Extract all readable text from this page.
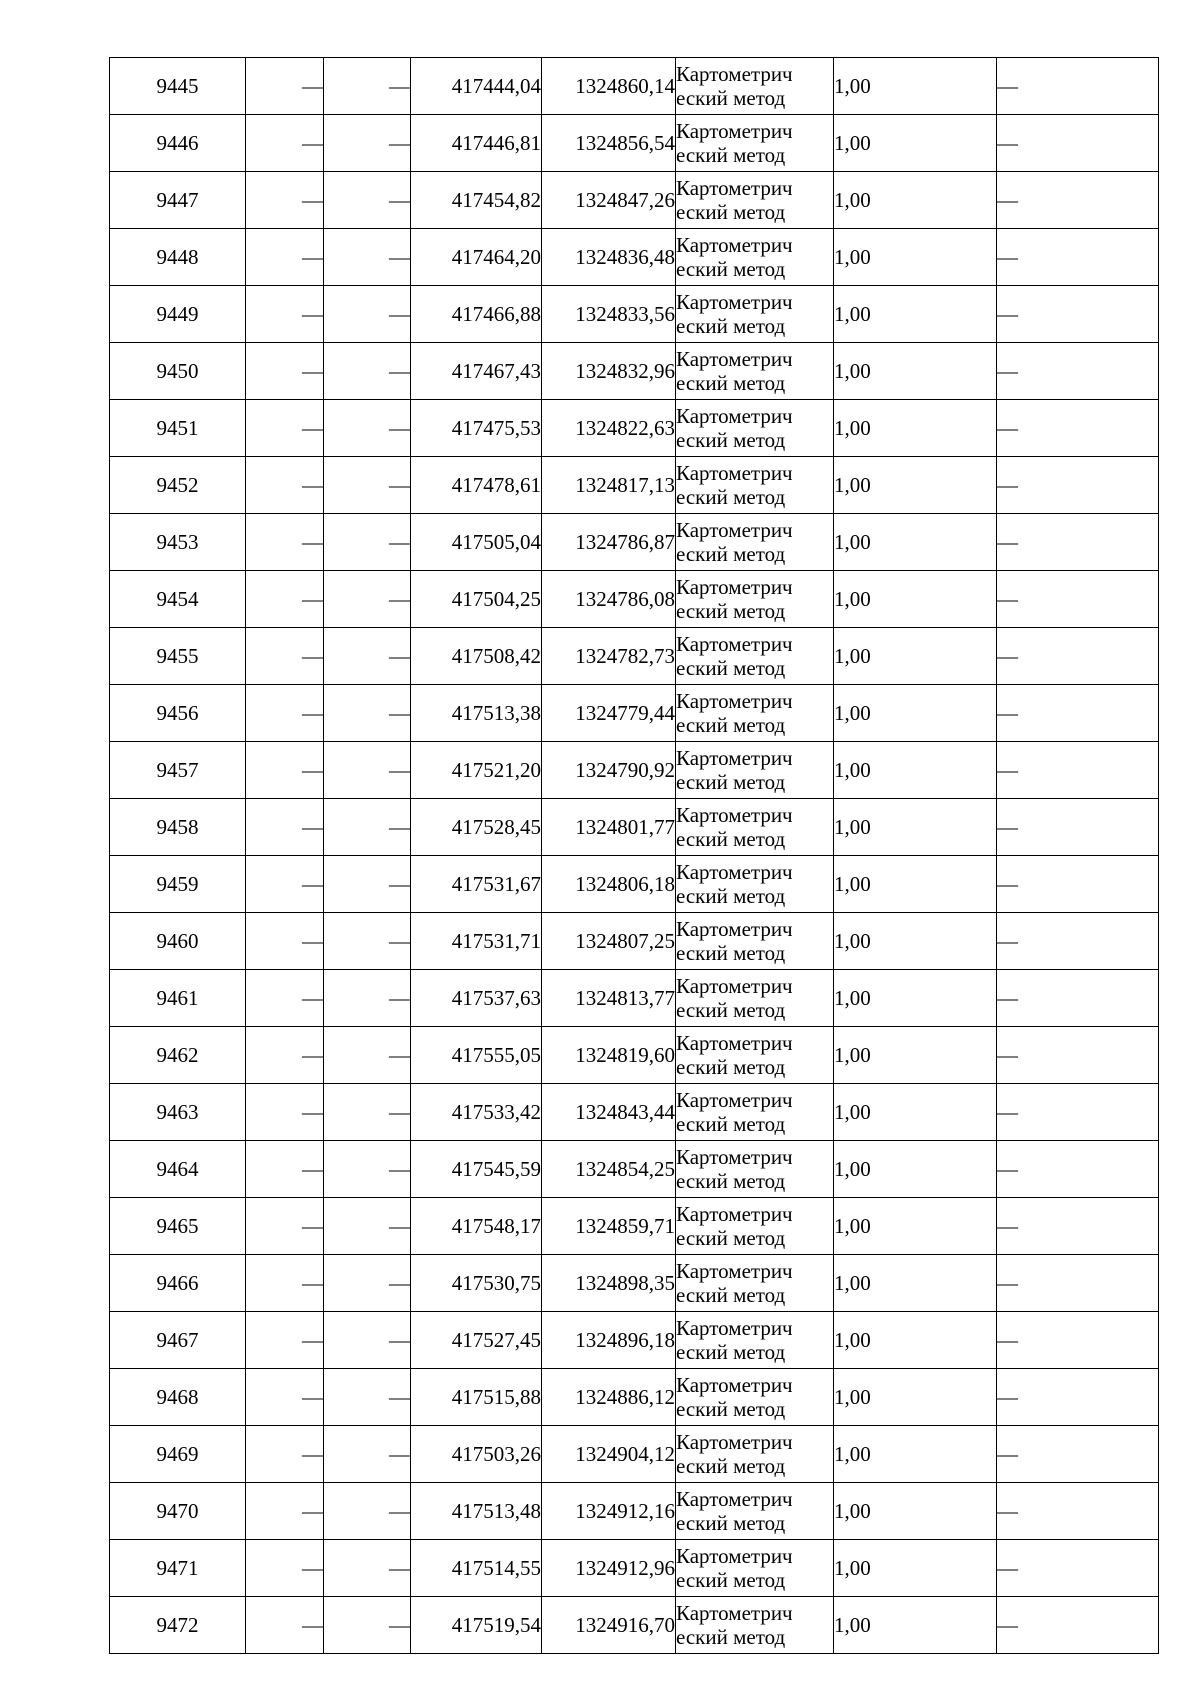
9445	—	—	417444,04	1324860,14	Картометрич
еский метод	1,00	—
9446	—	—	417446,81	1324856,54	Картометрич
еский метод	1,00	—
9447	—	—	417454,82	1324847,26	Картометрич
еский метод	1,00	—
9448	—	—	417464,20	1324836,48	Картометрич
еский метод	1,00	—
9449	—	—	417466,88	1324833,56	Картометрич
еский метод	1,00	—
9450	—	—	417467,43	1324832,96	Картометрич
еский метод	1,00	—
9451	—	—	417475,53	1324822,63	Картометрич
еский метод	1,00	—
9452	—	—	417478,61	1324817,13	Картометрич
еский метод	1,00	—
9453	—	—	417505,04	1324786,87	Картометрич
еский метод	1,00	—
9454	—	—	417504,25	1324786,08	Картометрич
еский метод	1,00	—
9455	—	—	417508,42	1324782,73	Картометрич
еский метод	1,00	—
9456	—	—	417513,38	1324779,44	Картометрич
еский метод	1,00	—
9457	—	—	417521,20	1324790,92	Картометрич
еский метод	1,00	—
9458	—	—	417528,45	1324801,77	Картометрич
еский метод	1,00	—
9459	—	—	417531,67	1324806,18	Картометрич
еский метод	1,00	—
9460	—	—	417531,71	1324807,25	Картометрич
еский метод	1,00	—
9461	—	—	417537,63	1324813,77	Картометрич
еский метод	1,00	—
9462	—	—	417555,05	1324819,60	Картометрич
еский метод	1,00	—
9463	—	—	417533,42	1324843,44	Картометрич
еский метод	1,00	—
9464	—	—	417545,59	1324854,25	Картометрич
еский метод	1,00	—
9465	—	—	417548,17	1324859,71	Картометрич
еский метод	1,00	—
9466	—	—	417530,75	1324898,35	Картометрич
еский метод	1,00	—
9467	—	—	417527,45	1324896,18	Картометрич
еский метод	1,00	—
9468	—	—	417515,88	1324886,12	Картометрич
еский метод	1,00	—
9469	—	—	417503,26	1324904,12	Картометрич
еский метод	1,00	—
9470	—	—	417513,48	1324912,16	Картометрич
еский метод	1,00	—
9471	—	—	417514,55	1324912,96	Картометрич
еский метод	1,00	—
9472	—	—	417519,54	1324916,70	Картометрич
еский метод	1,00	—
